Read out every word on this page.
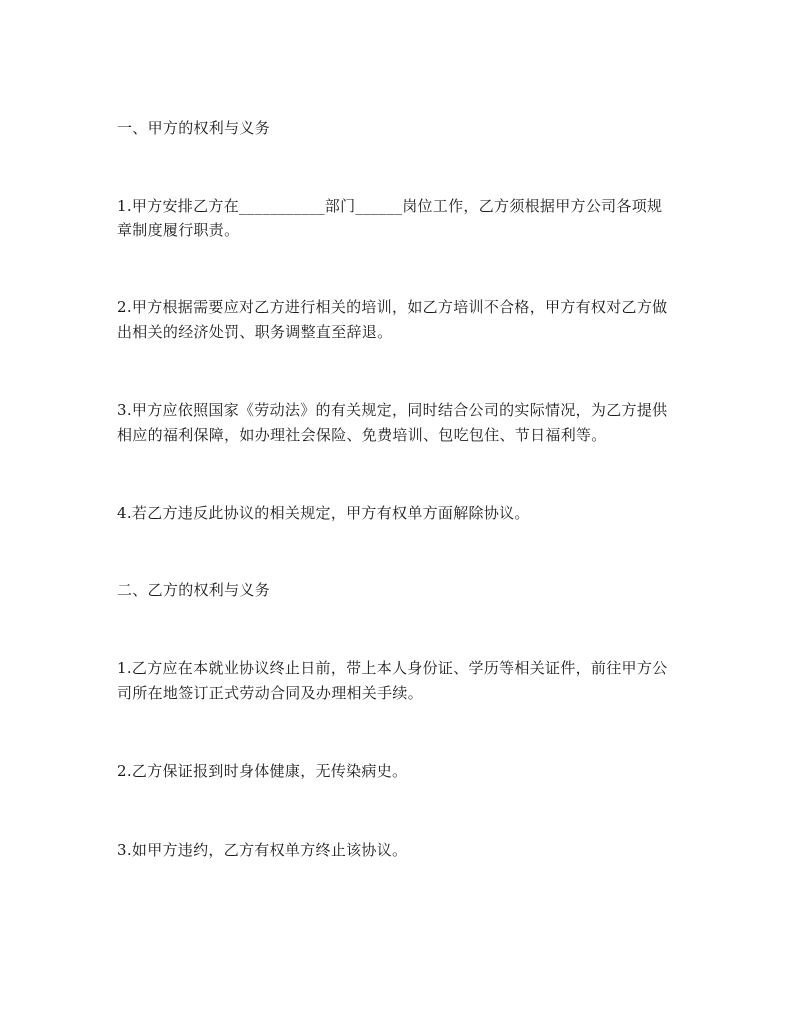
一、甲方的权利与义务
1.甲方安排乙方在___________部门______岗位工作，乙方须根据甲方公司各项规
章制度履行职责。
2.甲方根据需要应对乙方进行相关的培训，如乙方培训不合格，甲方有权对乙方做
出相关的经济处罚、职务调整直至辞退。
3.甲方应依照国家《劳动法》的有关规定，同时结合公司的实际情况，为乙方提供
相应的福利保障，如办理社会保险、免费培训、包吃包住、节日福利等。
4.若乙方违反此协议的相关规定，甲方有权单方面解除协议。
二、乙方的权利与义务
1.乙方应在本就业协议终止日前，带上本人身份证、学历等相关证件，前往甲方公
司所在地签订正式劳动合同及办理相关手续。
2.乙方保证报到时身体健康，无传染病史。
3.如甲方违约，乙方有权单方终止该协议。
